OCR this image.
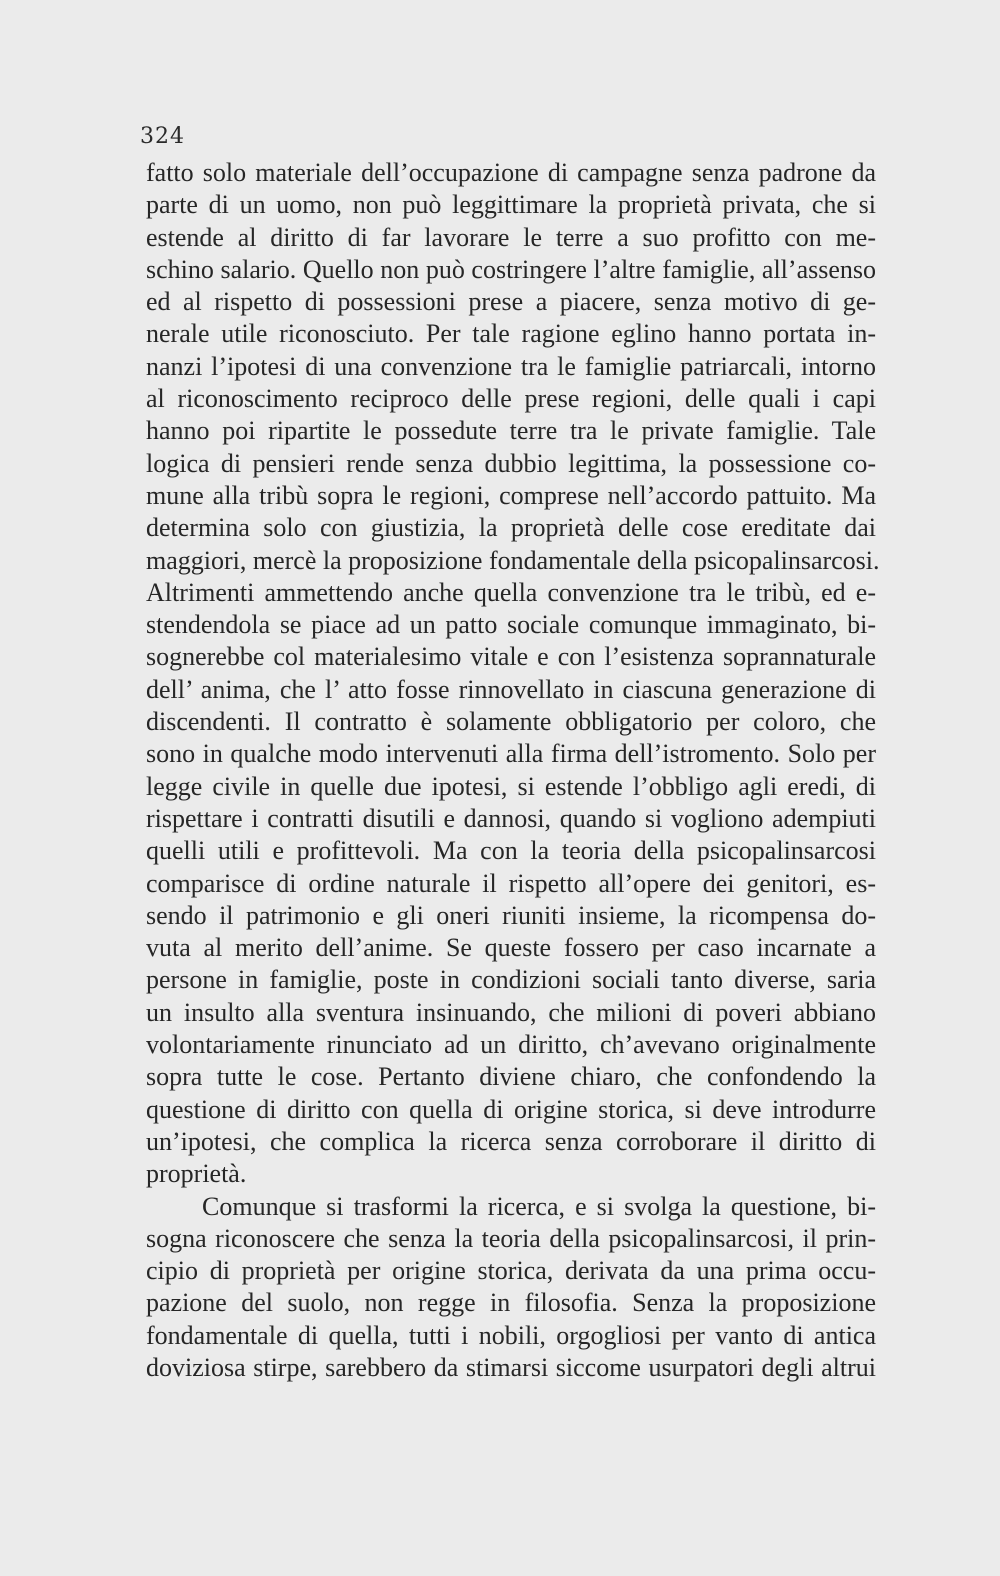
324
fatto solo materiale dell’occupazione di campagne senza padrone da
parte di un uomo, non può leggittimare la proprietà privata, che si
estende al diritto di far lavorare le terre a suo profitto con me-
schino salario. Quello non può costringere l’altre famiglie, all’assenso
ed al rispetto di possessioni prese a piacere, senza motivo di ge-
nerale utile riconosciuto. Per tale ragione eglino hanno portata in-
nanzi l’ipotesi di una convenzione tra le famiglie patriarcali, intorno
al riconoscimento reciproco delle prese regioni, delle quali i capi
hanno poi ripartite le possedute terre tra le private famiglie. Tale
logica di pensieri rende senza dubbio legittima, la possessione co-
mune alla tribù sopra le regioni, comprese nell’accordo pattuito. Ma
determina solo con giustizia, la proprietà delle cose ereditate dai
maggiori, mercè la proposizione fondamentale della psicopalinsarcosi.
Altrimenti ammettendo anche quella convenzione tra le tribù, ed e-
stendendola se piace ad un patto sociale comunque immaginato, bi-
sognerebbe col materialesimo vitale e con l’esistenza soprannaturale
dell’ anima, che l’ atto fosse rinnovellato in ciascuna generazione di
discendenti. Il contratto è solamente obbligatorio per coloro, che
sono in qualche modo intervenuti alla firma dell’istromento. Solo per
legge civile in quelle due ipotesi, si estende l’obbligo agli eredi, di
rispettare i contratti disutili e dannosi, quando si vogliono adempiuti
quelli utili e profittevoli. Ma con la teoria della psicopalinsarcosi
comparisce di ordine naturale il rispetto all’opere dei genitori, es-
sendo il patrimonio e gli oneri riuniti insieme, la ricompensa do-
vuta al merito dell’anime. Se queste fossero per caso incarnate a
persone in famiglie, poste in condizioni sociali tanto diverse, saria
un insulto alla sventura insinuando, che milioni di poveri abbiano
volontariamente rinunciato ad un diritto, ch’avevano originalmente
sopra tutte le cose. Pertanto diviene chiaro, che confondendo la
questione di diritto con quella di origine storica, si deve introdurre
un’ipotesi, che complica la ricerca senza corroborare il diritto di
proprietà.
Comunque si trasformi la ricerca, e si svolga la questione, bi-
sogna riconoscere che senza la teoria della psicopalinsarcosi, il prin-
cipio di proprietà per origine storica, derivata da una prima occu-
pazione del suolo, non regge in filosofia. Senza la proposizione
fondamentale di quella, tutti i nobili, orgogliosi per vanto di antica
doviziosa stirpe, sarebbero da stimarsi siccome usurpatori degli altrui
